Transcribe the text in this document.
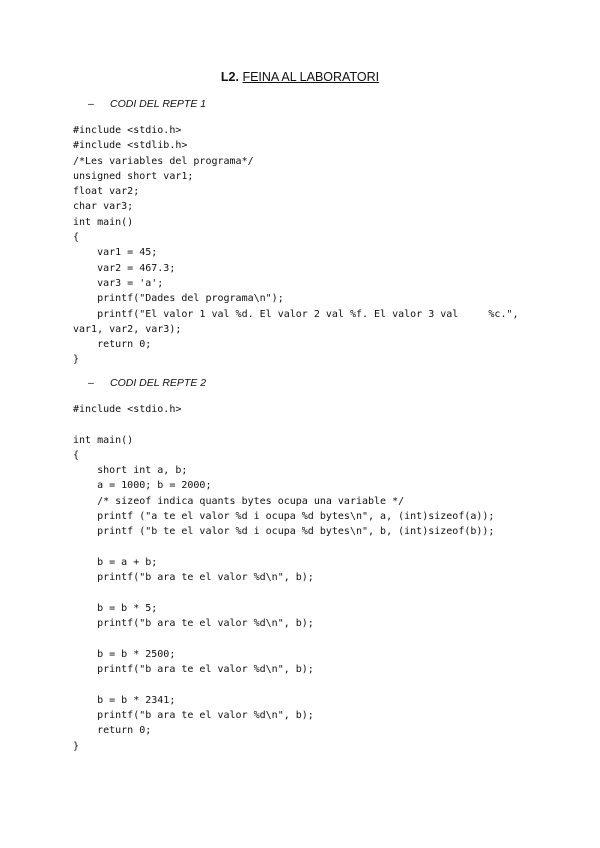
L2. FEINA AL LABORATORI
–	CODI DEL REPTE 1
#include <stdio.h>
#include <stdlib.h>
/*Les variables del programa*/
unsigned short var1;
float var2;
char var3;
int main()
{
var1 = 45;
var2 = 467.3;
var3 = 'a';
printf("Dades del programa\n");
printf("El valor 1 val %d. El valor 2 val %f. El valor 3 val     %c.",
var1, var2, var3);
return 0;
}
–	CODI DEL REPTE 2
#include <stdio.h>
int main()
{
short int a, b;
a = 1000; b = 2000;
/* sizeof indica quants bytes ocupa una variable */
printf ("a te el valor %d i ocupa %d bytes\n", a, (int)sizeof(a));
printf ("b te el valor %d i ocupa %d bytes\n", b, (int)sizeof(b));
b = a + b;
printf("b ara te el valor %d\n", b);
b = b * 5;
printf("b ara te el valor %d\n", b);
b = b * 2500;
printf("b ara te el valor %d\n", b);
b = b * 2341;
printf("b ara te el valor %d\n", b);
return 0;
}
